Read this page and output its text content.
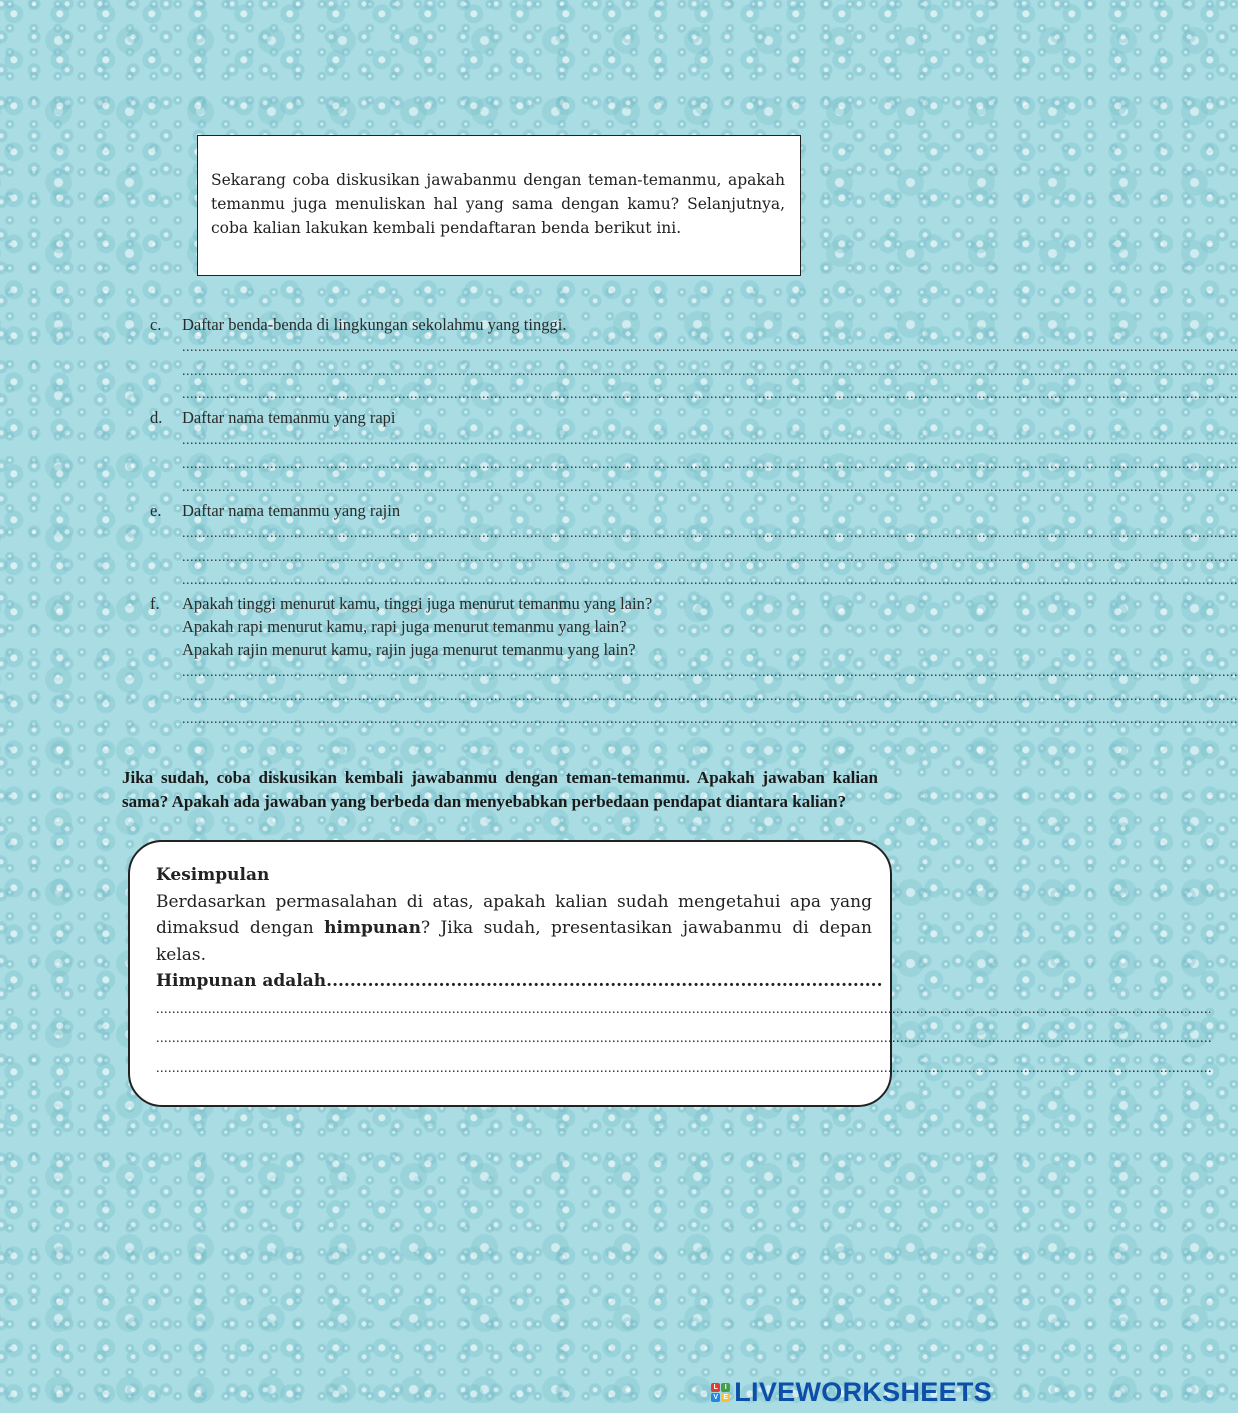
Sekarang coba diskusikan jawabanmu dengan teman-temanmu, apakah temanmu juga menuliskan hal yang sama dengan kamu? Selanjutnya, coba kalian lakukan kembali pendaftaran benda berikut ini.
c. Daftar benda-benda di lingkungan sekolahmu yang tinggi.
........................................................................................................................................................................................................................................................................
........................................................................................................................................................................................................................................................................
........................................................................................................................................................................................................................................................................
d. Daftar nama temanmu yang rapi
........................................................................................................................................................................................................................................................................
........................................................................................................................................................................................................................................................................
........................................................................................................................................................................................................................................................................
e. Daftar nama temanmu yang rajin
........................................................................................................................................................................................................................................................................
........................................................................................................................................................................................................................................................................
........................................................................................................................................................................................................................................................................
f. Apakah tinggi menurut kamu, tinggi juga menurut temanmu yang lain?
Apakah rapi menurut kamu, rapi juga menurut temanmu yang lain?
Apakah rajin menurut kamu, rajin juga menurut temanmu yang lain?
........................................................................................................................................................................................................................................................................
........................................................................................................................................................................................................................................................................
........................................................................................................................................................................................................................................................................
Jika sudah, coba diskusikan kembali jawabanmu dengan teman-temanmu. Apakah jawaban kalian sama? Apakah ada jawaban yang berbeda dan menyebabkan perbedaan pendapat diantara kalian?
Kesimpulan
Berdasarkan permasalahan di atas, apakah kalian sudah mengetahui apa yang dimaksud dengan himpunan? Jika sudah, presentasikan jawabanmu di depan kelas.
Himpunan adalah..............................................................................................
........................................................................................................................................................................................................................................................................
........................................................................................................................................................................................................................................................................
........................................................................................................................................................................................................................................................................
L I
V E LIVEWORKSHEETS
